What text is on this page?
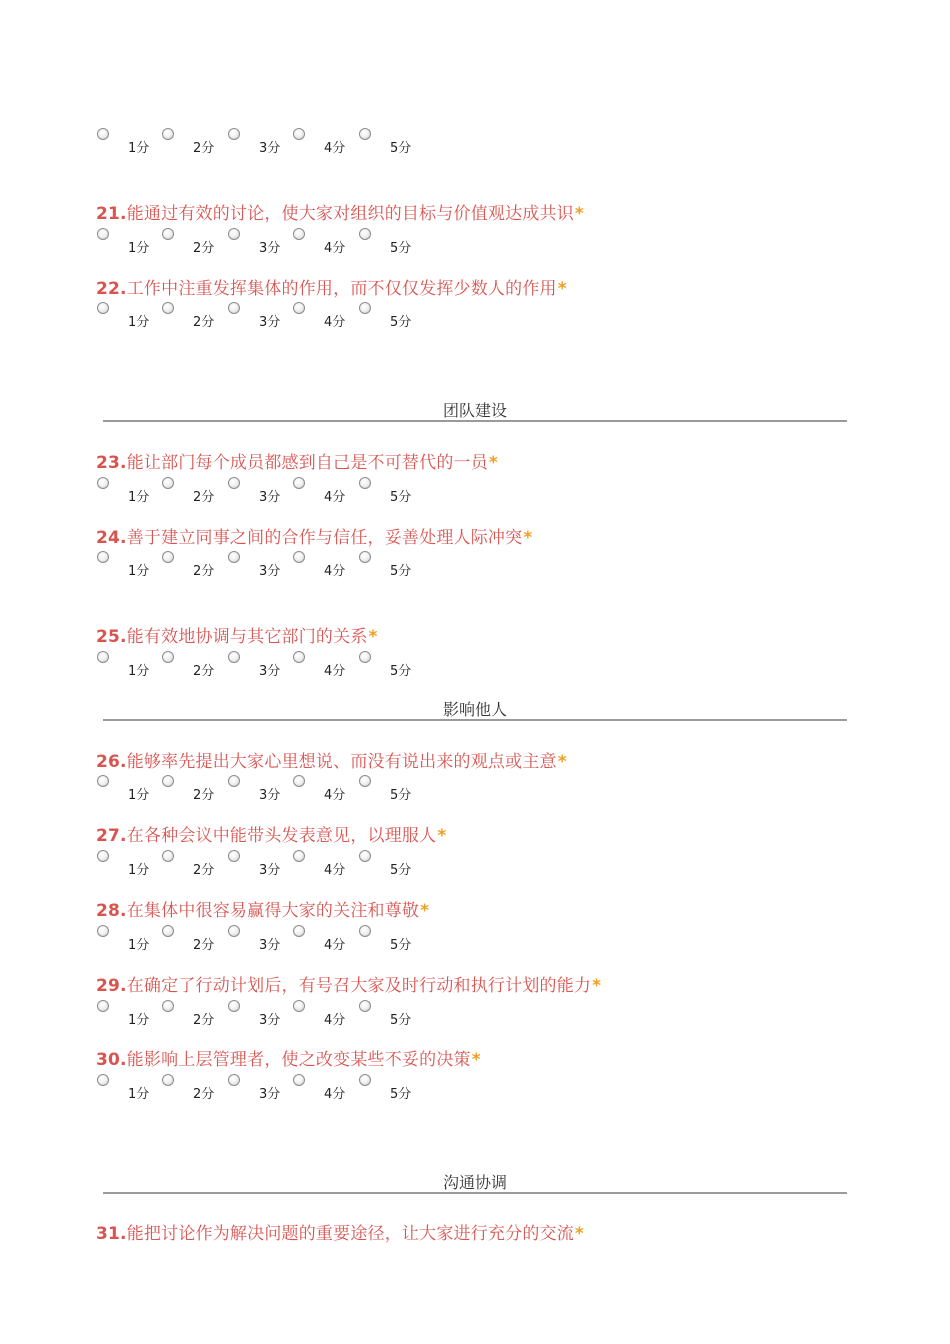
1分	2分	3分	4分	5分
1分	2分	3分	4分	5分
1分	2分	3分	4分	5分
1分	2分	3分	4分	5分
1分	2分	3分	4分	5分
1分	2分	3分	4分	5分
1分	2分	3分	4分	5分
1分	2分	3分	4分	5分
1分	2分	3分	4分	5分
1分	2分	3分	4分	5分
1分	2分	3分	4分	5分
21.能通过有效的讨论，使大家对组织的目标与价值观达成共识*
22.工作中注重发挥集体的作用，而不仅仅发挥少数人的作用*
23.能让部门每个成员都感到自己是不可替代的一员*
24.善于建立同事之间的合作与信任，妥善处理人际冲突*
25.能有效地协调与其它部门的关系*
26.能够率先提出大家心里想说、而没有说出来的观点或主意*
27.在各种会议中能带头发表意见，以理服人*
28.在集体中很容易赢得大家的关注和尊敬*
29.在确定了行动计划后，有号召大家及时行动和执行计划的能力*
30.能影响上层管理者，使之改变某些不妥的决策*
31.能把讨论作为解决问题的重要途径，让大家进行充分的交流*
团队建设
影响他人
沟通协调
